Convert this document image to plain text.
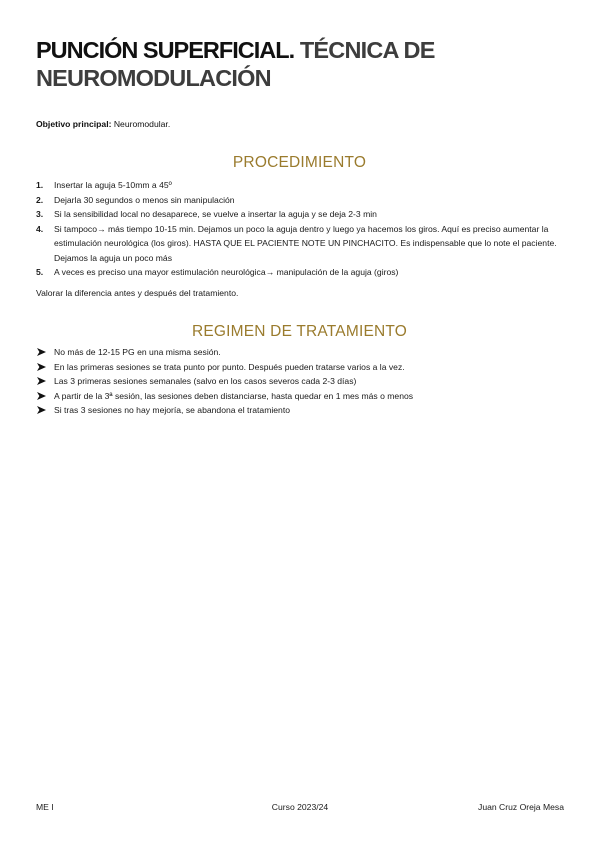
PUNCIÓN SUPERFICIAL. TÉCNICA DE NEUROMODULACIÓN
Objetivo principal: Neuromodular.
PROCEDIMIENTO
1. Insertar la aguja 5-10mm a 45º
2. Dejarla 30 segundos o menos sin manipulación
3. Si la sensibilidad local no desaparece, se vuelve a insertar la aguja y se deja 2-3 min
4. Si tampoco→ más tiempo 10-15 min. Dejamos un poco la aguja dentro y luego ya hacemos los giros. Aquí es preciso aumentar la estimulación neurológica (los giros). HASTA QUE EL PACIENTE NOTE UN PINCHACITO. Es indispensable que lo note el paciente. Dejamos la aguja un poco más
5. A veces es preciso una mayor estimulación neurológica→ manipulación de la aguja (giros)
Valorar la diferencia antes y después del tratamiento.
REGIMEN DE TRATAMIENTO
No más de 12-15 PG en una misma sesión.
En las primeras sesiones se trata punto por punto. Después pueden tratarse varios a la vez.
Las 3 primeras sesiones semanales (salvo en los casos severos cada 2-3 días)
A partir de la 3ª sesión, las sesiones deben distanciarse, hasta quedar en 1 mes más o menos
Si tras 3 sesiones no hay mejoría, se abandona el tratamiento
ME I	Curso 2023/24	Juan Cruz Oreja Mesa
